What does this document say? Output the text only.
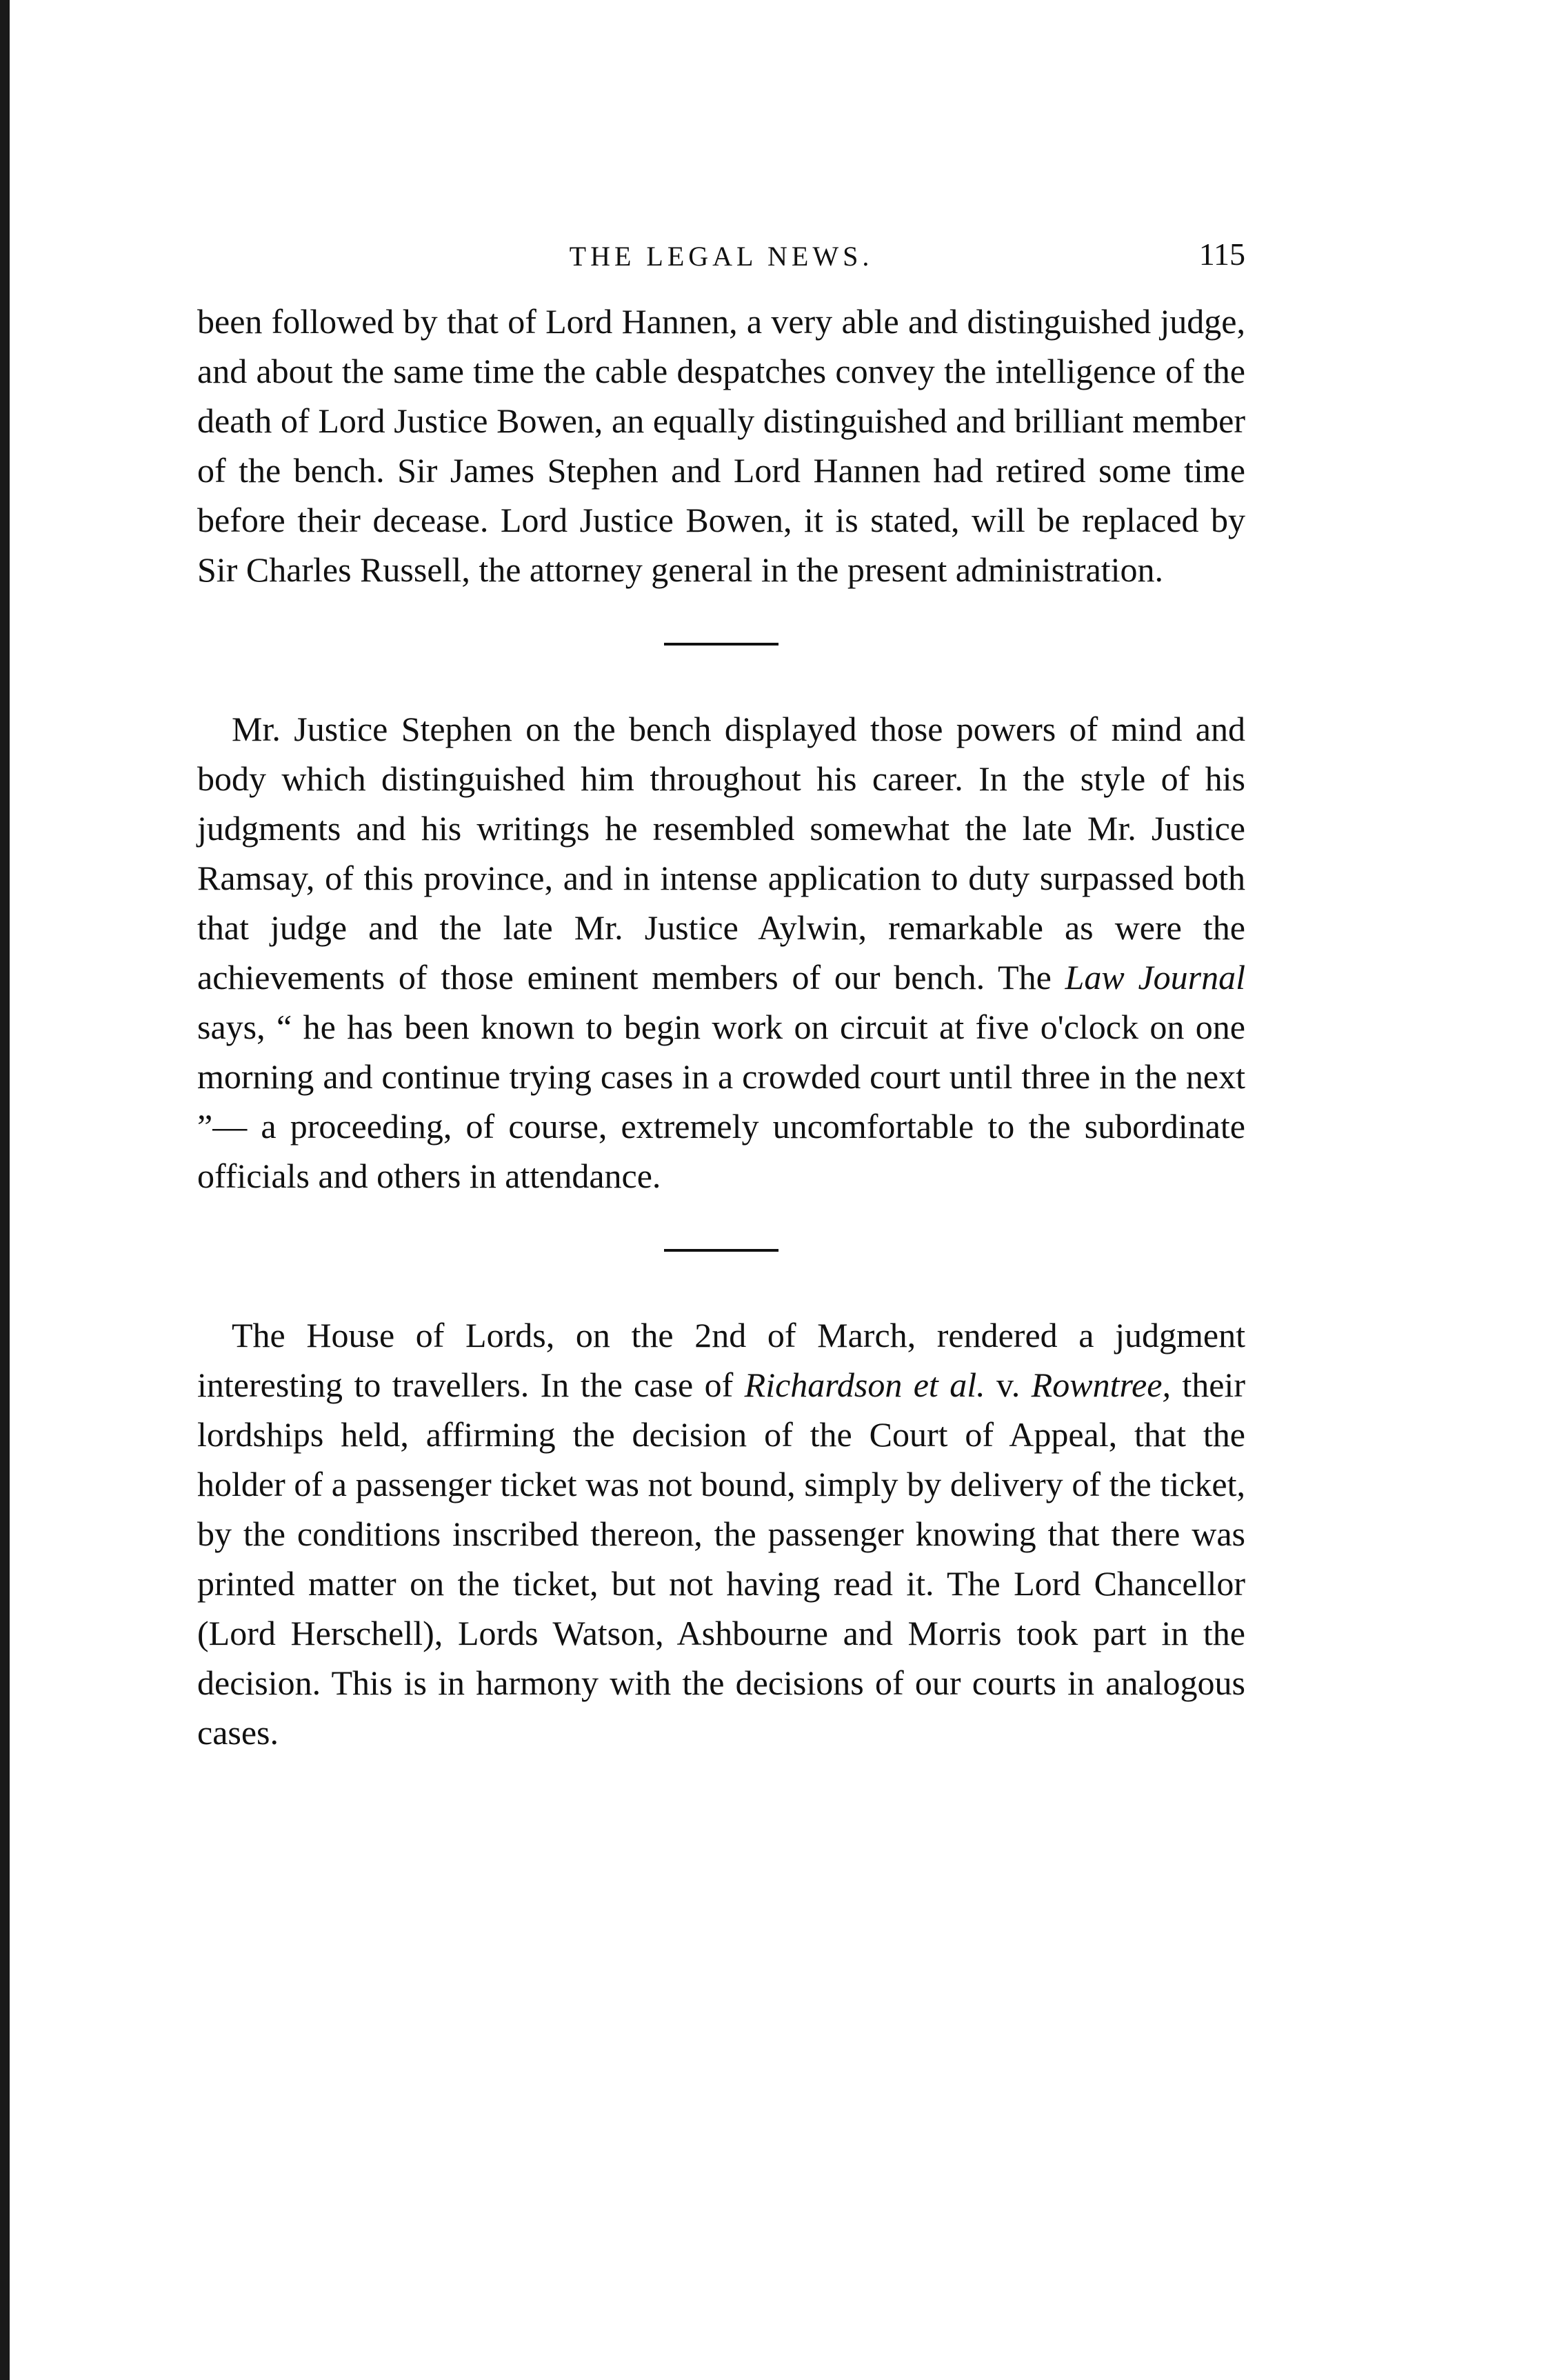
THE LEGAL NEWS.	115

been followed by that of Lord Hannen, a very able and distinguished judge, and about the same time the cable despatches convey the intelligence of the death of Lord Justice Bowen, an equally distinguished and brilliant member of the bench. Sir James Stephen and Lord Hannen had retired some time before their decease. Lord Justice Bowen, it is stated, will be replaced by Sir Charles Russell, the attorney general in the present administration.

Mr. Justice Stephen on the bench displayed those powers of mind and body which distinguished him throughout his career. In the style of his judgments and his writings he resembled somewhat the late Mr. Justice Ramsay, of this province, and in intense application to duty surpassed both that judge and the late Mr. Justice Aylwin, remarkable as were the achievements of those eminent members of our bench. The Law Journal says, “ he has been known to begin work on circuit at five o'clock on one morning and continue trying cases in a crowded court until three in the next ”— a proceeding, of course, extremely uncomfortable to the subordinate officials and others in attendance.

The House of Lords, on the 2nd of March, rendered a judgment interesting to travellers. In the case of Richardson et al. v. Rowntree, their lordships held, affirming the decision of the Court of Appeal, that the holder of a passenger ticket was not bound, simply by delivery of the ticket, by the conditions inscribed thereon, the passenger knowing that there was printed matter on the ticket, but not having read it. The Lord Chancellor (Lord Herschell), Lords Watson, Ashbourne and Morris took part in the decision. This is in harmony with the decisions of our courts in analogous cases.
